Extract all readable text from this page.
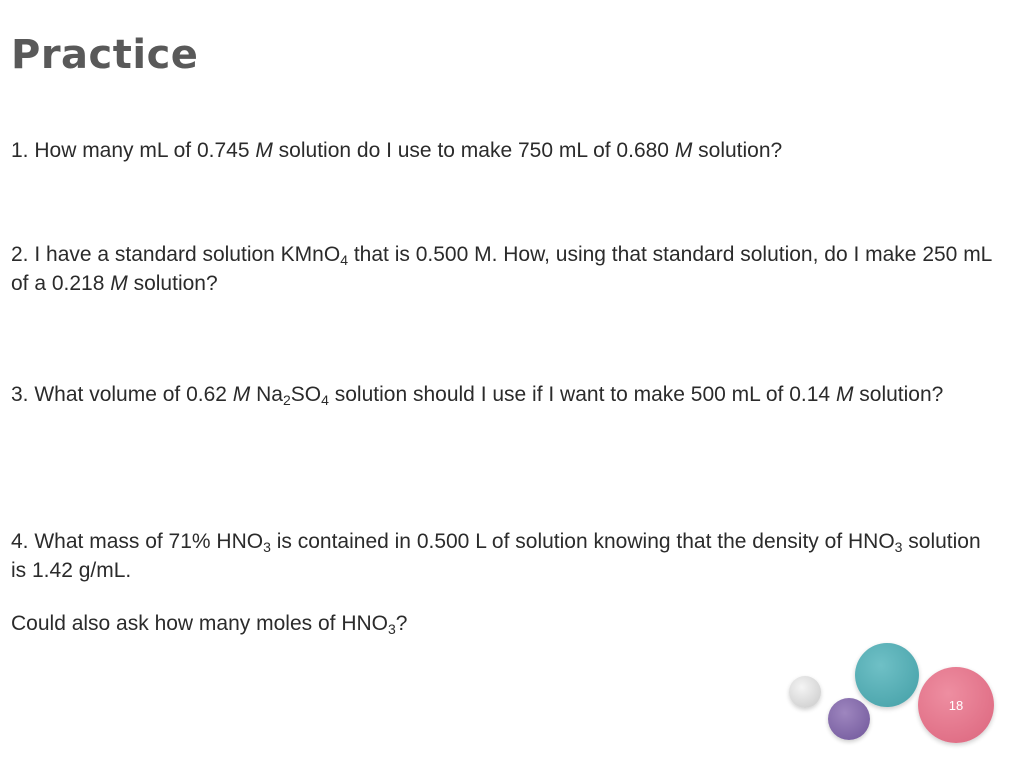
Practice

1. How many mL of 0.745 M solution do I use to make 750 mL of 0.680 M solution?

2. I have a standard solution KMnO$_4$ that is 0.500 M. How, using that standard solution, do I make 250 mL of a 0.218 M solution?

3. What volume of 0.62 M $Na_2SO_4$ solution should I use if I want to make 500 mL of 0.14 M solution?

4. What mass of 71% $HNO_3$ is contained in 0.500 L of solution knowing that the density of $HNO_3$ solution is 1.42 g/mL.

Could also ask how many moles of $HNO_3$?

18
